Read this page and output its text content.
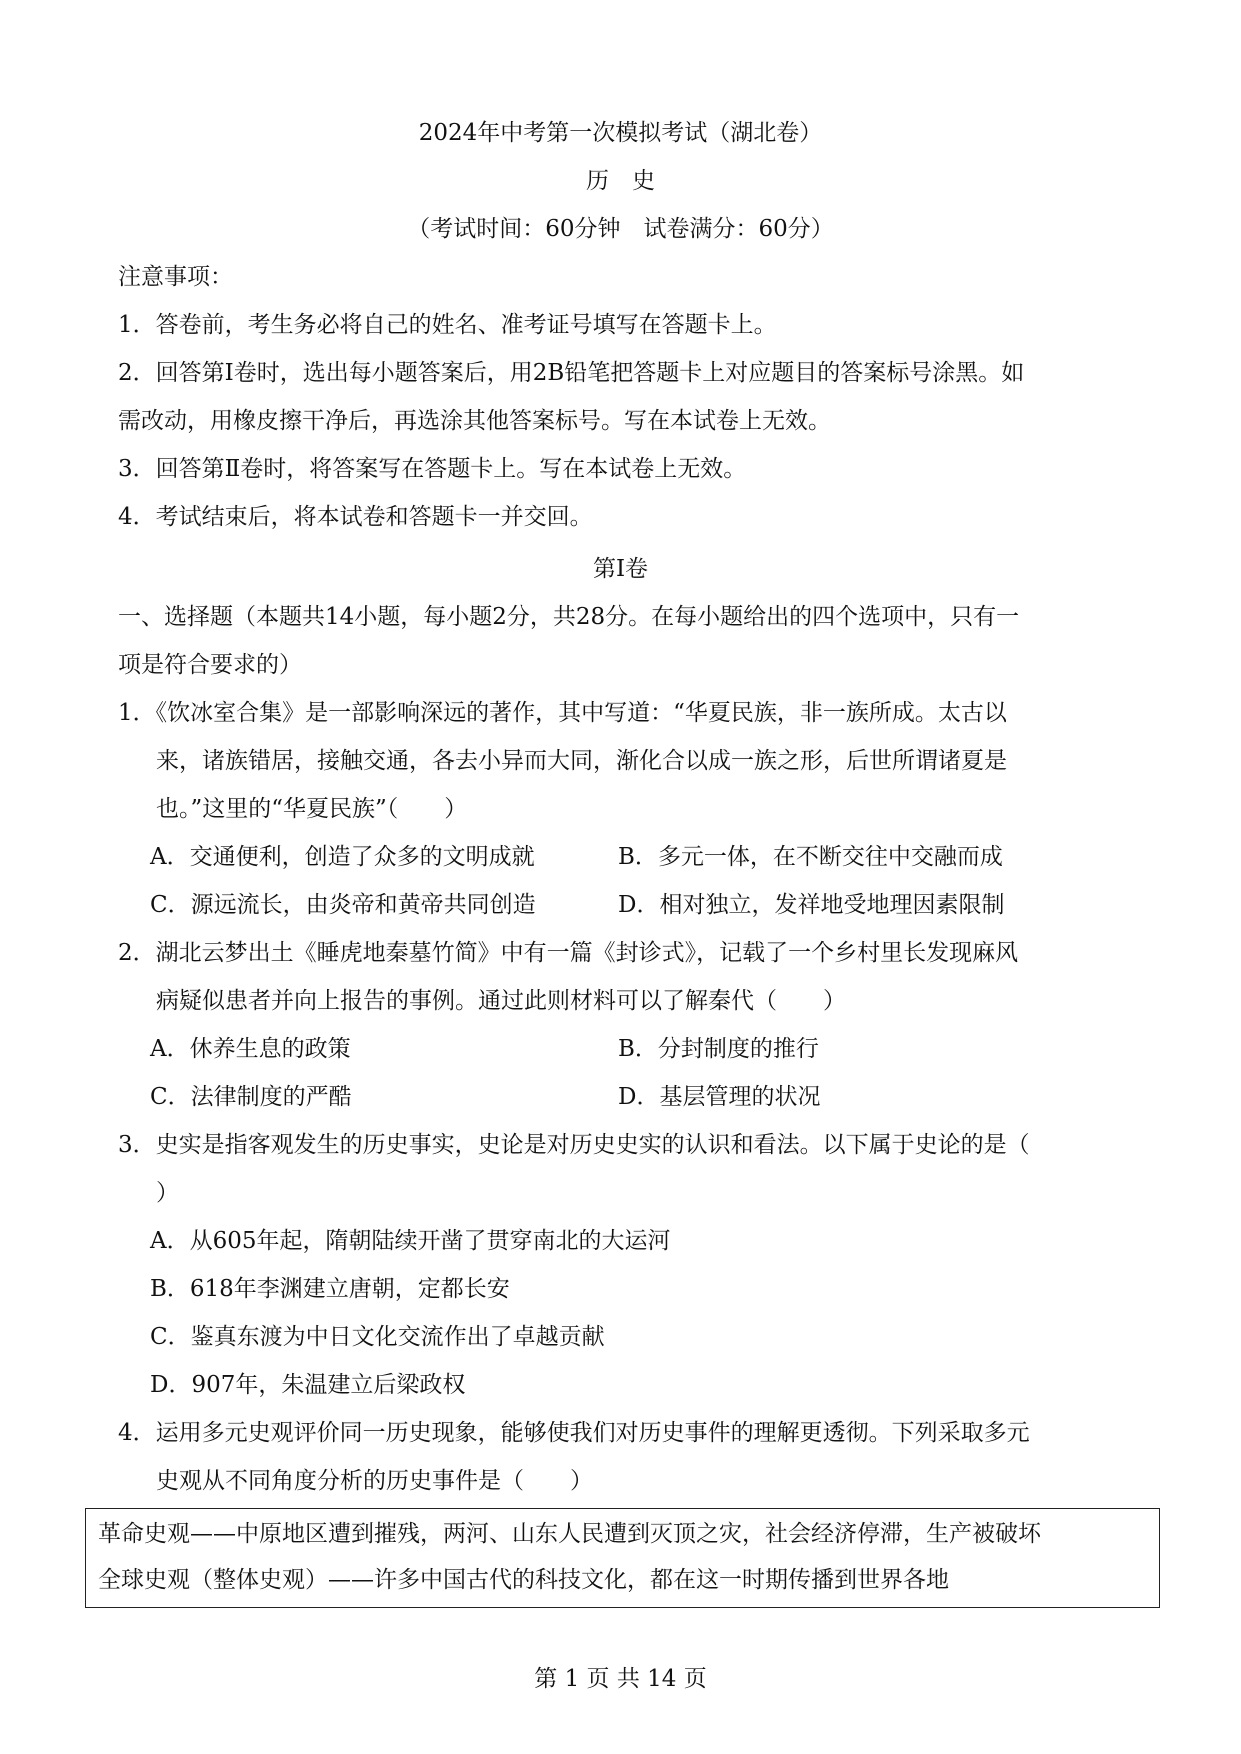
2024年中考第一次模拟考试（湖北卷）
历　史
（考试时间：60分钟　试卷满分：60分）
注意事项：
1．答卷前，考生务必将自己的姓名、准考证号填写在答题卡上。
2．回答第Ⅰ卷时，选出每小题答案后，用2B铅笔把答题卡上对应题目的答案标号涂黑。如
需改动，用橡皮擦干净后，再选涂其他答案标号。写在本试卷上无效。
3．回答第Ⅱ卷时，将答案写在答题卡上。写在本试卷上无效。
4．考试结束后，将本试卷和答题卡一并交回。
第Ⅰ卷
一、选择题（本题共14小题，每小题2分，共28分。在每小题给出的四个选项中，只有一
项是符合要求的）
1．《饮冰室合集》是一部影响深远的著作，其中写道：“华夏民族，非一族所成。太古以
来，诸族错居，接触交通，各去小异而大同，渐化合以成一族之形，后世所谓诸夏是
也。”这里的“华夏民族”（　　）
A．交通便利，创造了众多的文明成就	B．多元一体，在不断交往中交融而成
C．源远流长，由炎帝和黄帝共同创造	D．相对独立，发祥地受地理因素限制
2．湖北云梦出土《睡虎地秦墓竹简》中有一篇《封诊式》，记载了一个乡村里长发现麻风
病疑似患者并向上报告的事例。通过此则材料可以了解秦代（　　）
A．休养生息的政策	B．分封制度的推行
C．法律制度的严酷	D．基层管理的状况
3．史实是指客观发生的历史事实，史论是对历史史实的认识和看法。以下属于史论的是（
）
A．从605年起，隋朝陆续开凿了贯穿南北的大运河
B．618年李渊建立唐朝，定都长安
C．鉴真东渡为中日文化交流作出了卓越贡献
D．907年，朱温建立后梁政权
4．运用多元史观评价同一历史现象，能够使我们对历史事件的理解更透彻。下列采取多元
史观从不同角度分析的历史事件是（　　）
革命史观——中原地区遭到摧残，两河、山东人民遭到灭顶之灾，社会经济停滞，生产被破坏
全球史观（整体史观）——许多中国古代的科技文化，都在这一时期传播到世界各地
第 1 页 共 14 页
